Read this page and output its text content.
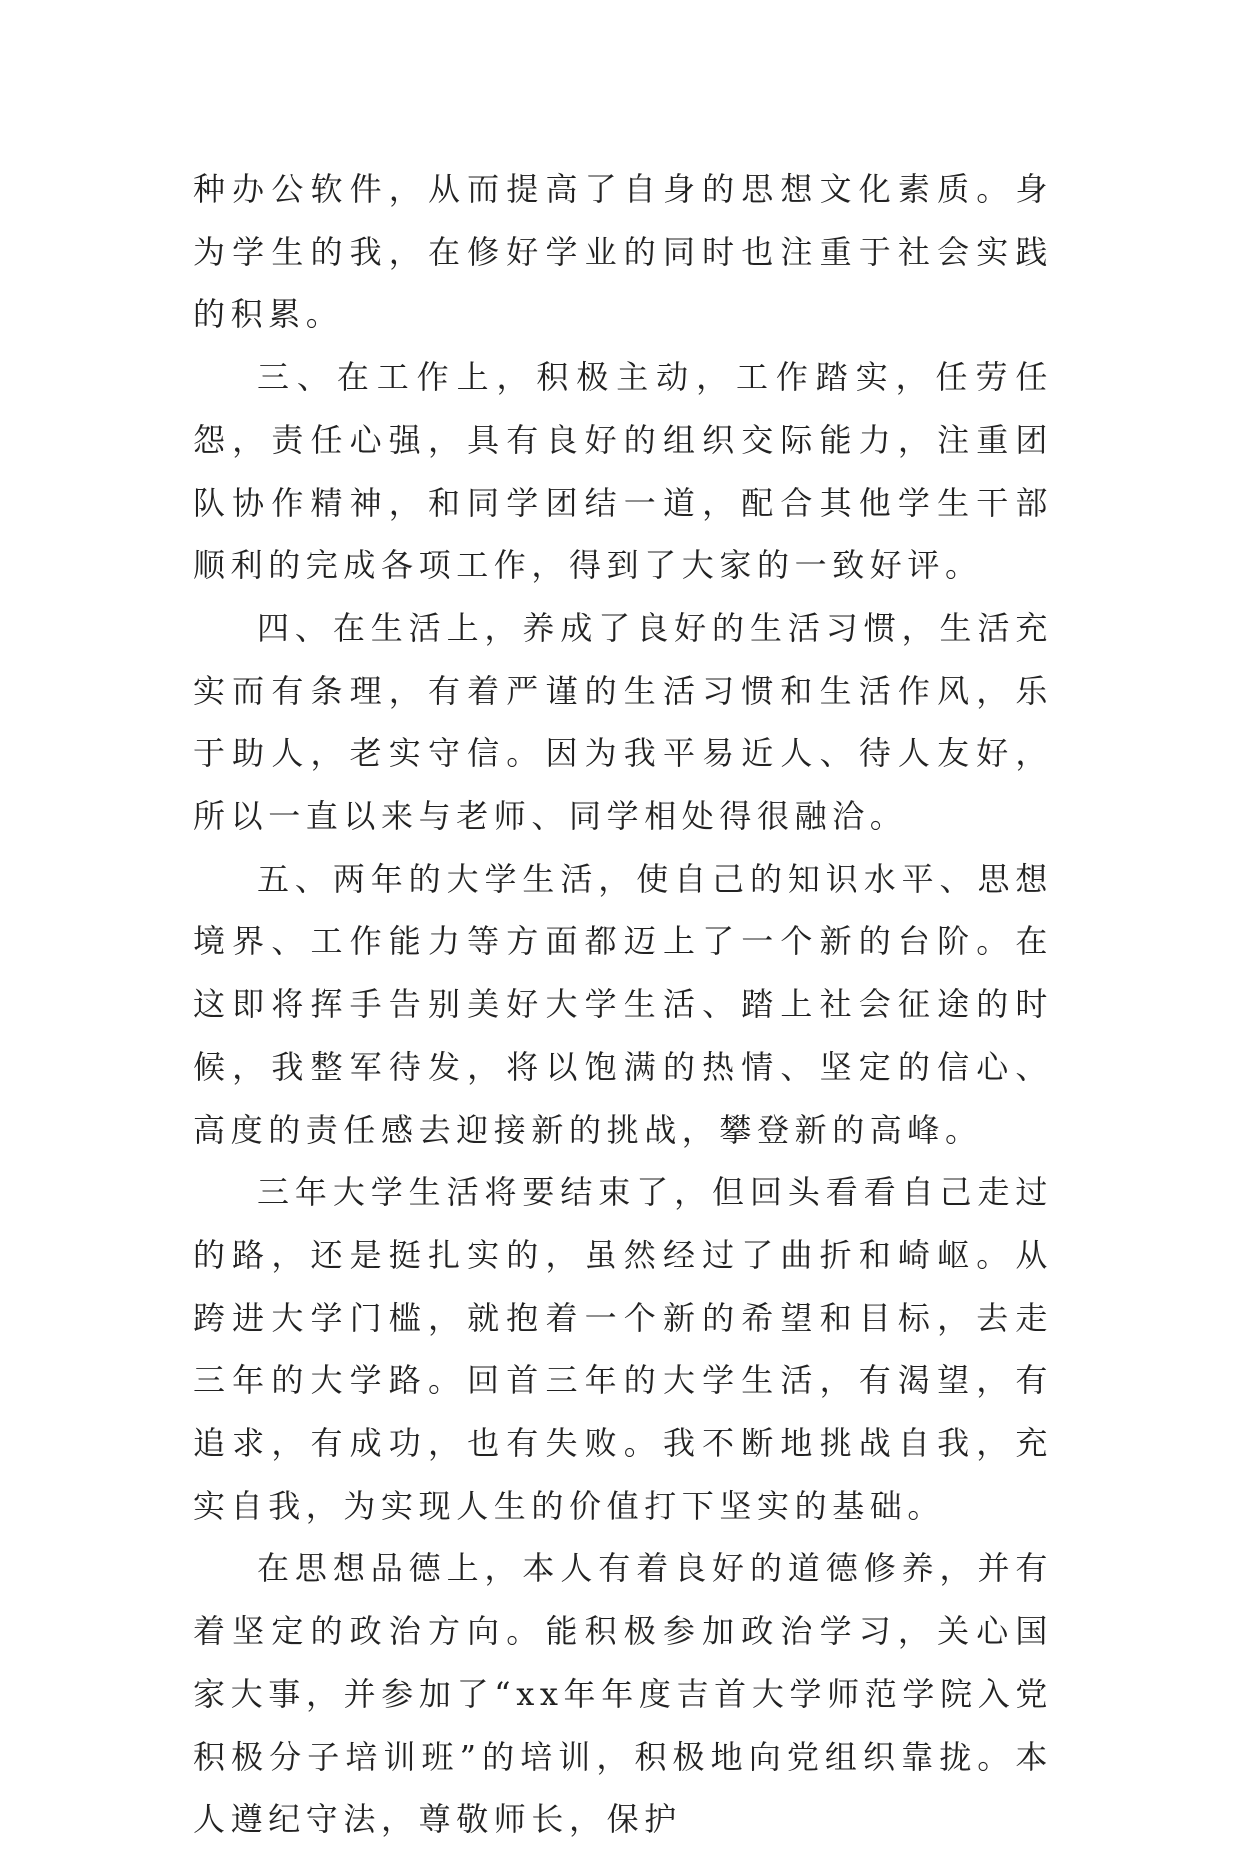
种办公软件，从而提高了自身的思想文化素质。身为学生的我，在修好学业的同时也注重于社会实践的积累。

三、在工作上，积极主动，工作踏实，任劳任怨，责任心强，具有良好的组织交际能力，注重团队协作精神，和同学团结一道，配合其他学生干部顺利的完成各项工作，得到了大家的一致好评。

四、在生活上，养成了良好的生活习惯，生活充实而有条理，有着严谨的生活习惯和生活作风，乐于助人，老实守信。因为我平易近人、待人友好，所以一直以来与老师、同学相处得很融洽。

五、两年的大学生活，使自己的知识水平、思想境界、工作能力等方面都迈上了一个新的台阶。在这即将挥手告别美好大学生活、踏上社会征途的时候，我整军待发，将以饱满的热情、坚定的信心、高度的责任感去迎接新的挑战，攀登新的高峰。

三年大学生活将要结束了，但回头看看自己走过的路，还是挺扎实的，虽然经过了曲折和崎岖。从跨进大学门槛，就抱着一个新的希望和目标，去走三年的大学路。回首三年的大学生活，有渴望，有追求，有成功，也有失败。我不断地挑战自我，充实自我，为实现人生的价值打下坚实的基础。

在思想品德上，本人有着良好的道德修养，并有着坚定的政治方向。能积极参加政治学习，关心国家大事，并参加了“xx年年度吉首大学师范学院入党积极分子培训班”的培训，积极地向党组织靠拢。本人遵纪守法，尊敬师长，保护
